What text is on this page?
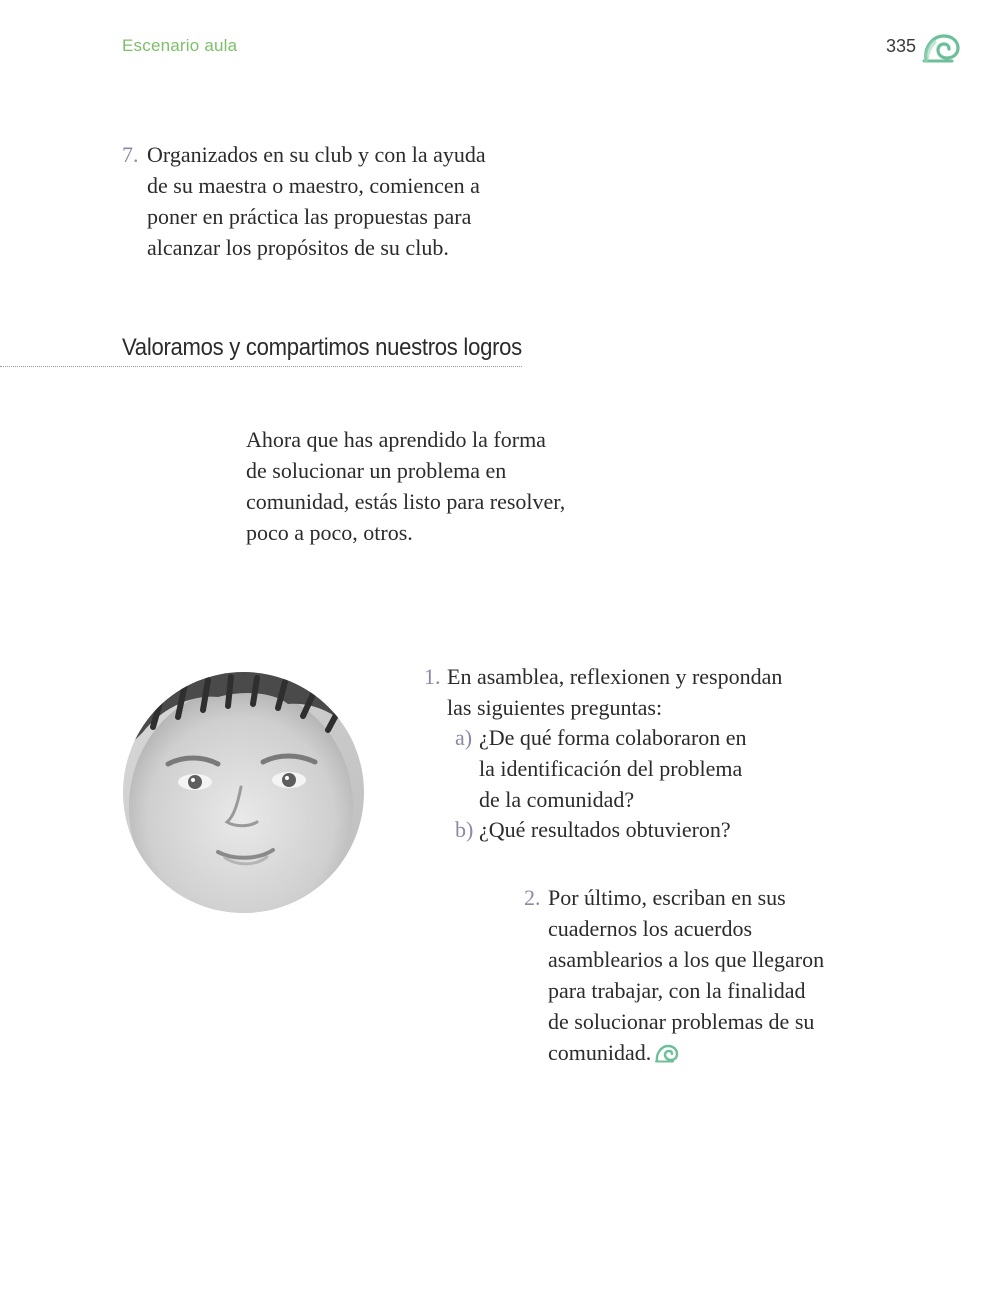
Escenario aula	335
7. Organizados en su club y con la ayuda
de su maestra o maestro, comiencen a
poner en práctica las propuestas para
alcanzar los propósitos de su club.
Valoramos y compartimos nuestros logros
Ahora que has aprendido la forma
de solucionar un problema en
comunidad, estás listo para resolver,
poco a poco, otros.
1. En asamblea, reflexionen y respondan
las siguientes preguntas:
a) ¿De qué forma colaboraron en
la identificación del problema
de la comunidad?
b) ¿Qué resultados obtuvieron?
2. Por último, escriban en sus
cuadernos los acuerdos
asamblearios a los que llegaron
para trabajar, con la finalidad
de solucionar problemas de su
comunidad.
